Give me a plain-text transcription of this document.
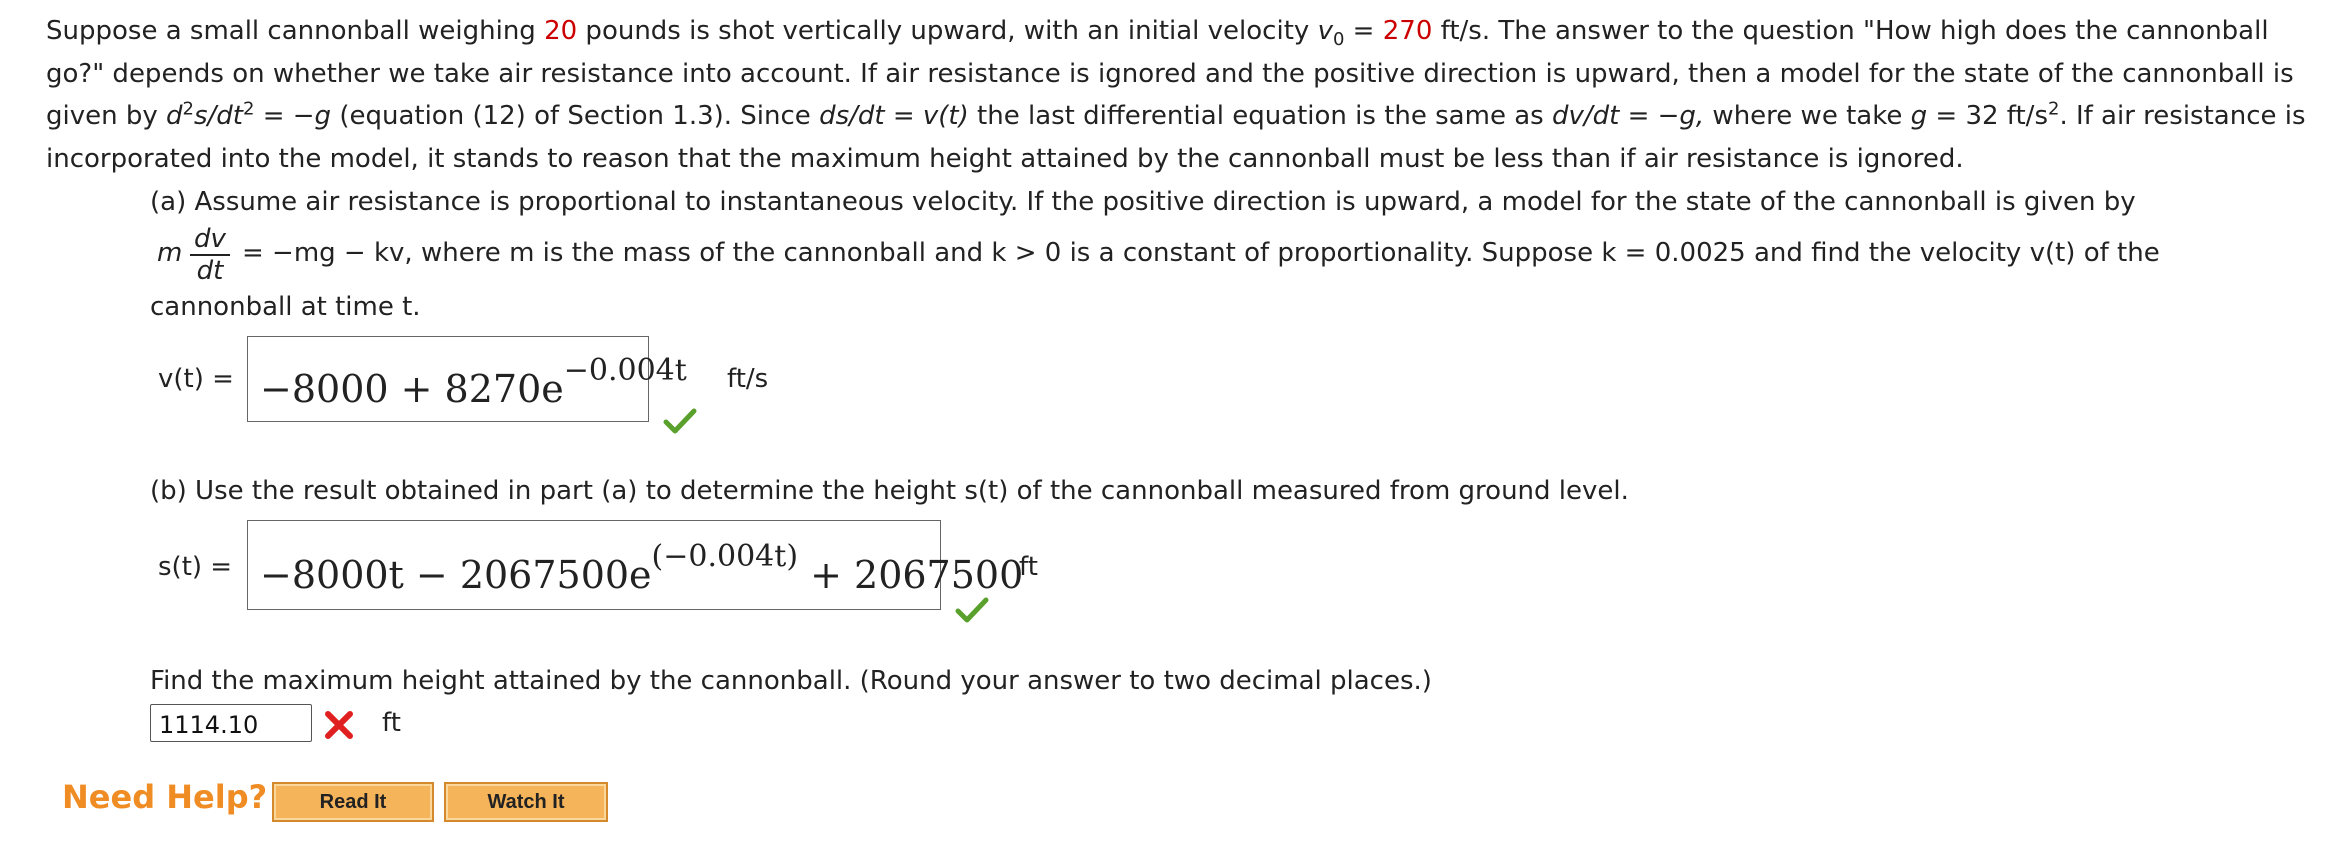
Suppose a small cannonball weighing 20 pounds is shot vertically upward, with an initial velocity $v_0 = 270$ ft/s. The answer to the question "How high does the cannonball go?" depends on whether we take air resistance into account. If air resistance is ignored and the positive direction is upward, then a model for the state of the cannonball is given by $d^2s/dt^2 = -g$ (equation (12) of Section 1.3). Since ds/dt = v(t) the last differential equation is the same as dv/dt = −g, where we take g = 32 $ft/s^2$. If air resistance is incorporated into the model, it stands to reason that the maximum height attained by the cannonball must be less than if air resistance is ignored.
(a) Assume air resistance is proportional to instantaneous velocity. If the positive direction is upward, a model for the state of the cannonball is given by
m $\frac{dv}{dt} = -mg$ − kv, where m is the mass of the cannonball and k > 0 is a constant of proportionality. Suppose k = 0.0025 and find the velocity v(t) of the
cannonball at time t.
$v(t) = -8000 + 8270e^{-0.004t}$ ft/s
(b) Use the result obtained in part (a) to determine the height s(t) of the cannonball measured from ground level.
$s(t) = -8000t - 2067500e^{(-0.004t)} + 2067500$
ft
Find the maximum height attained by the cannonball. (Round your answer to two decimal places.)
1114.10
ft
Need Help?	Read It	Watch It
